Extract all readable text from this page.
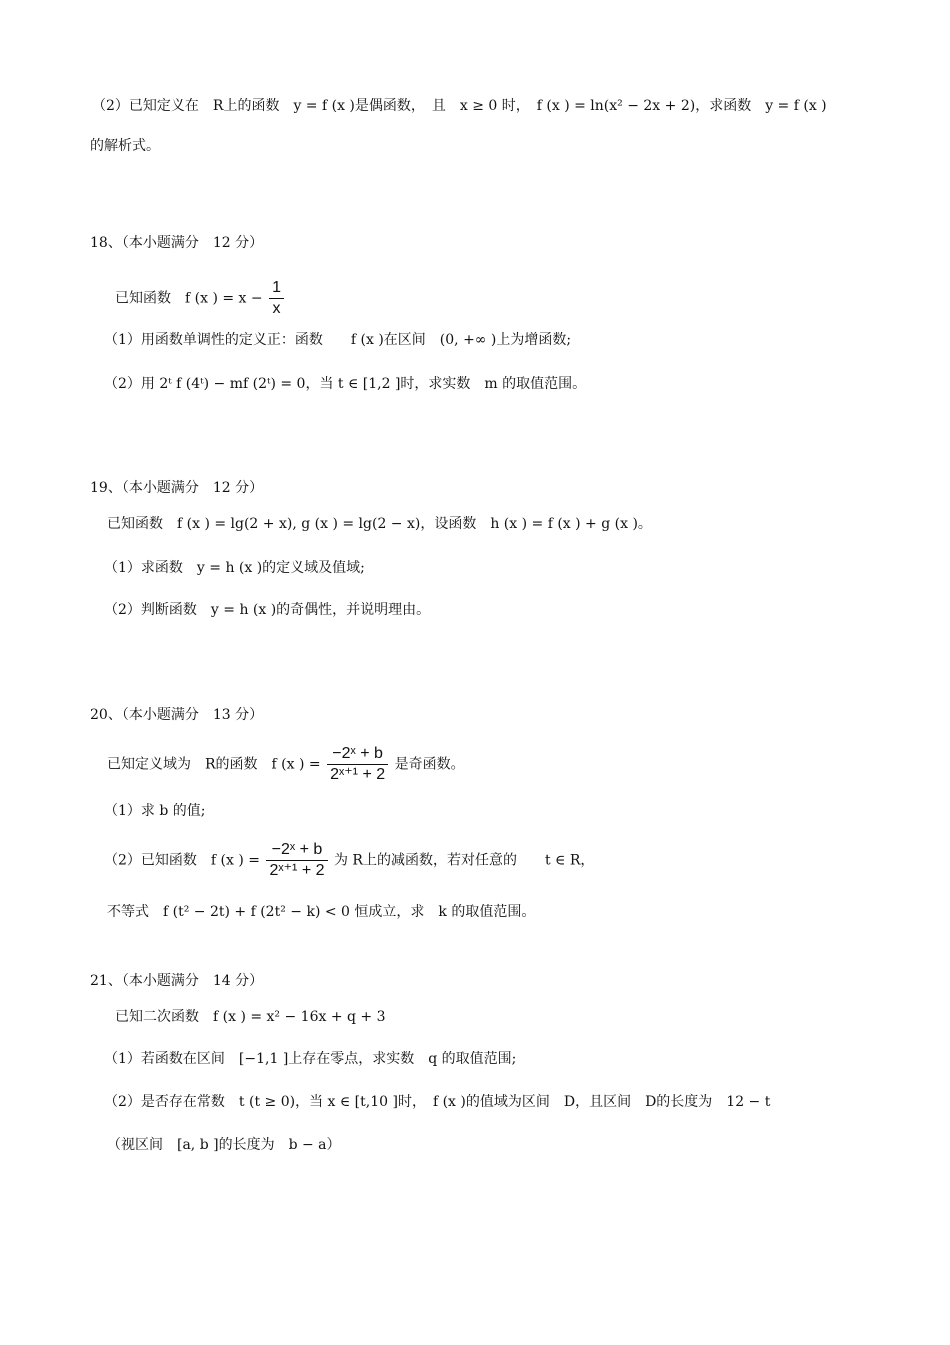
（2）已知定义在　R上的函数　y = f (x )是偶函数，　且　x ≥ 0 时，　f (x ) = ln(x² − 2x + 2)，求函数　y = f (x )
的解析式。
18、（本小题满分　12 分）
已知函数　f (x ) = $x - \frac{1}{x}$
（1）用函数单调性的定义正：函数　　f (x )在区间　(0, +∞ )上为增函数;
（2）用 2ᵗ f (4ᵗ) − mf (2ᵗ) = 0，当 t ∈ [1,2 ]时，求实数　m 的取值范围。
19、（本小题满分　12 分）
已知函数　f (x ) = lg(2 + x), g (x ) = lg(2 − x)，设函数　h (x ) = f (x ) + g (x )。
（1）求函数　y = h (x )的定义域及值域;
（2）判断函数　y = h (x )的奇偶性，并说明理由。
20、（本小题满分　13 分）
已知定义域为　R的函数　f (x ) = $\frac{\text{−2ˣ + b}}{\text{2ˣ⁺¹ + 2}}$ 是奇函数。
（1）求 b 的值;
（2）已知函数　f (x ) = $\frac{\text{−2ˣ + b}}{\text{2ˣ⁺¹ + 2}}$ 为 R上的减函数，若对任意的　　t ∈ R，
不等式　f (t² − 2t) + f (2t² − k) < 0 恒成立，求　k 的取值范围。
21、（本小题满分　14 分）
已知二次函数　f (x ) = x² − 16x + q + 3
（1）若函数在区间　[−1,1 ]上存在零点，求实数　q 的取值范围;
（2）是否存在常数　t (t ≥ 0)，当 x ∈ [t,10 ]时，　f (x )的值域为区间　D，且区间　D的长度为　12 − t
（视区间　[a, b ]的长度为　b − a）
